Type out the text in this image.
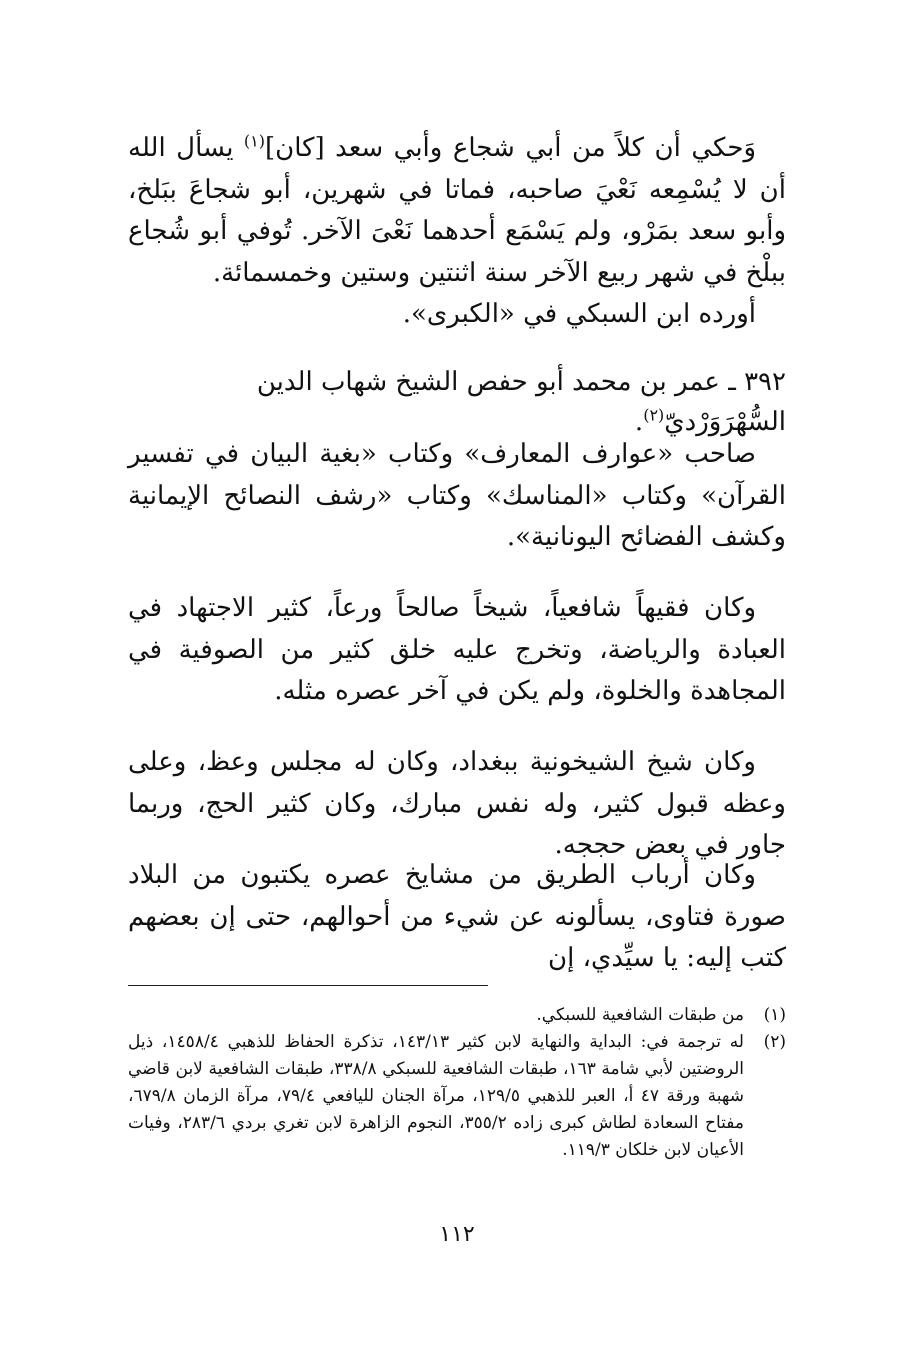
وَحكي أن كلاً من أبي شجاع وأبي سعد [كان]$^{(١)}$ يسأل الله أن لا يُسْمِعه نَعْيَ صاحبه، فماتا في شهرين، أبو شجاعَ ببَلخ، وأبو سعد بمَرْو، ولم يَسْمَع أحدهما نَعْىَ الآخر. تُوفي أبو شُجاع ببلْخ في شهر ربيع الآخر سنة اثنتين وستين وخمسمائة.

أورده ابن السبكي في «الكبرى».

٣٩٢ ـ عمر بن محمد أبو حفص الشيخ شهاب الدين السُّهْرَوَرْديّ$^{(٢)}$.

صاحب «عوارف المعارف» وكتاب «بغية البيان في تفسير القرآن» وكتاب «المناسك» وكتاب «رشف النصائح الإيمانية وكشف الفضائح اليونانية».

وكان فقيهاً شافعياً، شيخاً صالحاً ورعاً، كثير الاجتهاد في العبادة والرياضة، وتخرج عليه خلق كثير من الصوفية في المجاهدة والخلوة، ولم يكن في آخر عصره مثله.

وكان شيخ الشيخونية ببغداد، وكان له مجلس وعظ، وعلى وعظه قبول كثير، وله نفس مبارك، وكان كثير الحج، وربما جاور في بعض حججه.

وكان أرباب الطريق من مشايخ عصره يكتبون من البلاد صورة فتاوى، يسألونه عن شيء من أحوالهم، حتى إن بعضهم كتب إليه: يا سيِّدي، إن

(١)
من طبقات الشافعية للسبكي.
(٢)
له ترجمة في: البداية والنهاية لابن كثير ١٤٣/١٣، تذكرة الحفاظ للذهبي ١٤٥٨/٤، ذيل الروضتين لأبي شامة ١٦٣، طبقات الشافعية للسبكي ٣٣٨/٨، طبقات الشافعية لابن قاضي شهبة ورقة ٤٧ أ، العبر للذهبي ١٢٩/٥، مرآة الجنان لليافعي ٧٩/٤، مرآة الزمان ٦٧٩/٨، مفتاح السعادة لطاش كبرى زاده ٣٥٥/٢، النجوم الزاهرة لابن تغري بردي ٢٨٣/٦، وفيات الأعيان لابن خلكان ١١٩/٣.
١١٢
